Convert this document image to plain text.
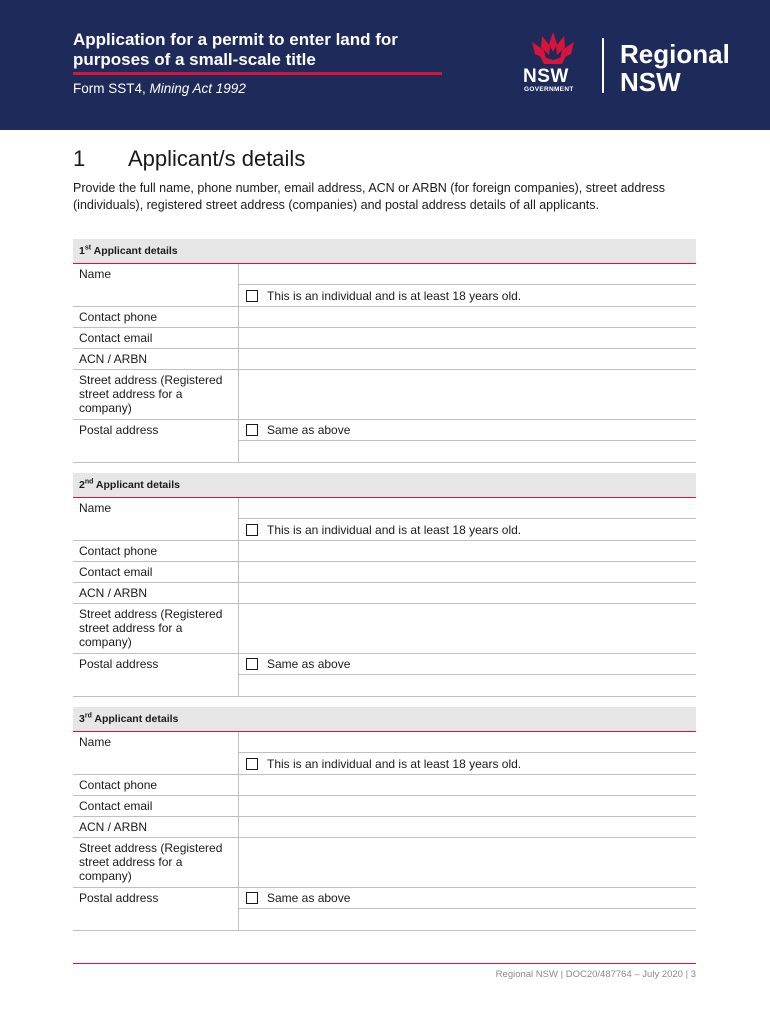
Application for a permit to enter land for purposes of a small-scale title
Form SST4, Mining Act 1992
NSW
GOVERNMENT
Regional
NSW
1 Applicant/s details
Provide the full name, phone number, email address, ACN or ARBN (for foreign companies), street address (individuals), registered street address (companies) and postal address details of all applicants.
1st Applicant details
Name
This is an individual and is at least 18 years old.
Contact phone
Contact email
ACN / ARBN
Street address (Registered street address for a company)
Postal address	Same as above
2nd Applicant details
Name
This is an individual and is at least 18 years old.
Contact phone
Contact email
ACN / ARBN
Street address (Registered street address for a company)
Postal address	Same as above
3rd Applicant details
Name
This is an individual and is at least 18 years old.
Contact phone
Contact email
ACN / ARBN
Street address (Registered street address for a company)
Postal address	Same as above
Regional NSW | DOC20/487764 – July 2020 | 3
